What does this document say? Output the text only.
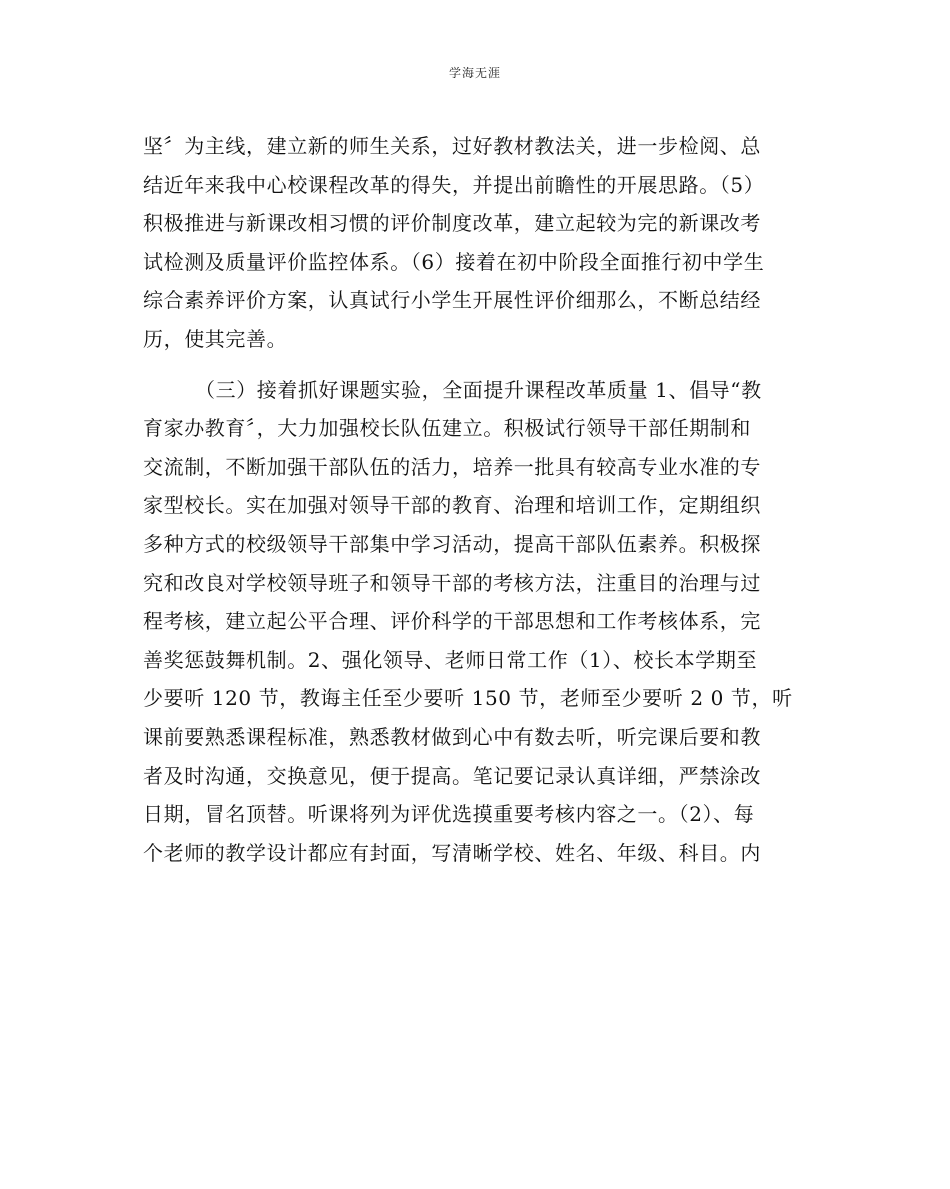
学海无涯
坚〞为主线，建立新的师生关系，过好教材教法关，进一步检阅、总
结近年来我中心校课程改革的得失，并提出前瞻性的开展思路。（5）
积极推进与新课改相习惯的评价制度改革，建立起较为完的新课改考
试检测及质量评价监控体系。（6）接着在初中阶段全面推行初中学生
综合素养评价方案，认真试行小学生开展性评价细那么，不断总结经
历，使其完善。
（三）接着抓好课题实验，全面提升课程改革质量 1、倡导“教
育家办教育〞，大力加强校长队伍建立。积极试行领导干部任期制和
交流制，不断加强干部队伍的活力，培养一批具有较高专业水准的专
家型校长。实在加强对领导干部的教育、治理和培训工作，定期组织
多种方式的校级领导干部集中学习活动，提高干部队伍素养。积极探
究和改良对学校领导班子和领导干部的考核方法，注重目的治理与过
程考核，建立起公平合理、评价科学的干部思想和工作考核体系，完
善奖惩鼓舞机制。2、强化领导、老师日常工作（1）、校长本学期至
少要听 120 节，教诲主任至少要听 150 节，老师至少要听 2 0 节，听
课前要熟悉课程标准，熟悉教材做到心中有数去听，听完课后要和教
者及时沟通，交换意见，便于提高。笔记要记录认真详细，严禁涂改
日期，冒名顶替。听课将列为评优选摸重要考核内容之一。（2）、每
个老师的教学设计都应有封面，写清晰学校、姓名、年级、科目。内
